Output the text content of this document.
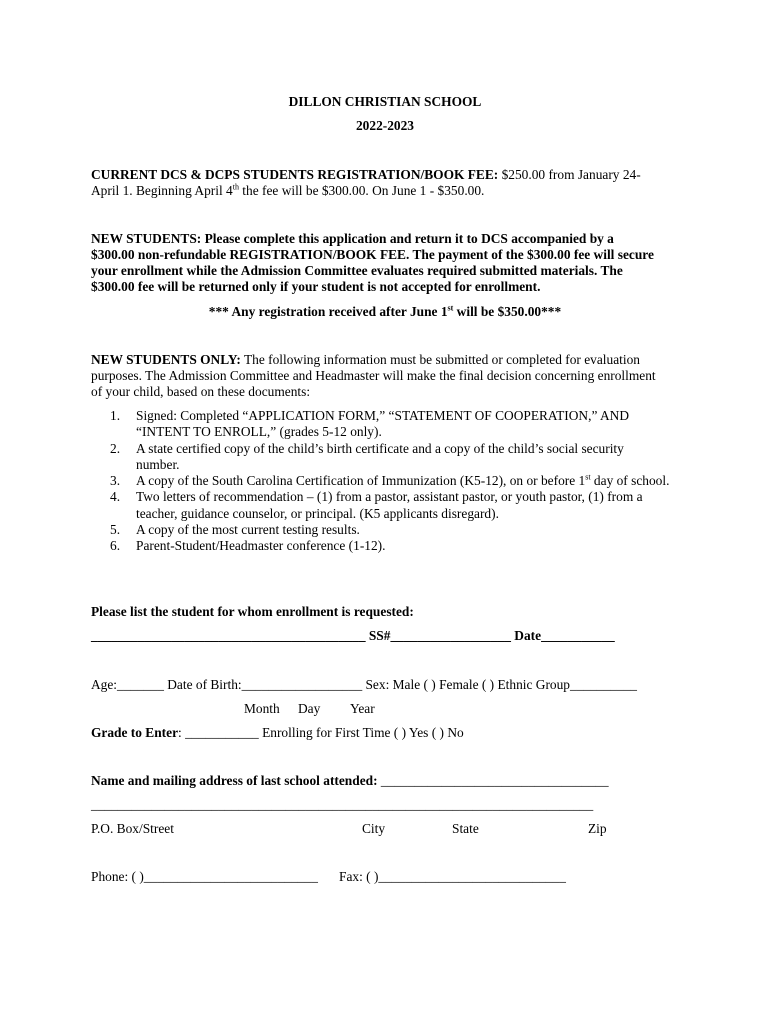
DILLON CHRISTIAN SCHOOL
2022-2023
CURRENT DCS & DCPS STUDENTS REGISTRATION/BOOK FEE: $250.00 from January 24-
April 1. Beginning April 4th the fee will be $300.00. On June 1 - $350.00.
NEW STUDENTS: Please complete this application and return it to DCS accompanied by a
$300.00 non-refundable REGISTRATION/BOOK FEE. The payment of the $300.00 fee will secure
your enrollment while the Admission Committee evaluates required submitted materials. The
$300.00 fee will be returned only if your student is not accepted for enrollment.
*** Any registration received after June 1st will be $350.00***
NEW STUDENTS ONLY: The following information must be submitted or completed for evaluation
purposes. The Admission Committee and Headmaster will make the final decision concerning enrollment
of your child, based on these documents:
1. Signed: Completed “APPLICATION FORM,” “STATEMENT OF COOPERATION,” AND “INTENT TO ENROLL,” (grades 5-12 only).
2. A state certified copy of the child’s birth certificate and a copy of the child’s social security number.
3. A copy of the South Carolina Certification of Immunization (K5-12), on or before 1st day of school.
4. Two letters of recommendation – (1) from a pastor, assistant pastor, or youth pastor, (1) from a teacher, guidance counselor, or principal. (K5 applicants disregard).
5. A copy of the most current testing results.
6. Parent-Student/Headmaster conference (1-12).
Please list the student for whom enrollment is requested:
_________________________________________ SS#__________________ Date___________
Age:_______ Date of Birth:__________________ Sex: Male ( ) Female ( ) Ethnic Group__________
Month Day Year
Grade to Enter: ___________ Enrolling for First Time ( ) Yes ( ) No
Name and mailing address of last school attended: __________________________________
___________________________________________________________________________
P.O. Box/Street	City	State	Zip
Phone: ( )__________________________ Fax: ( )____________________________
